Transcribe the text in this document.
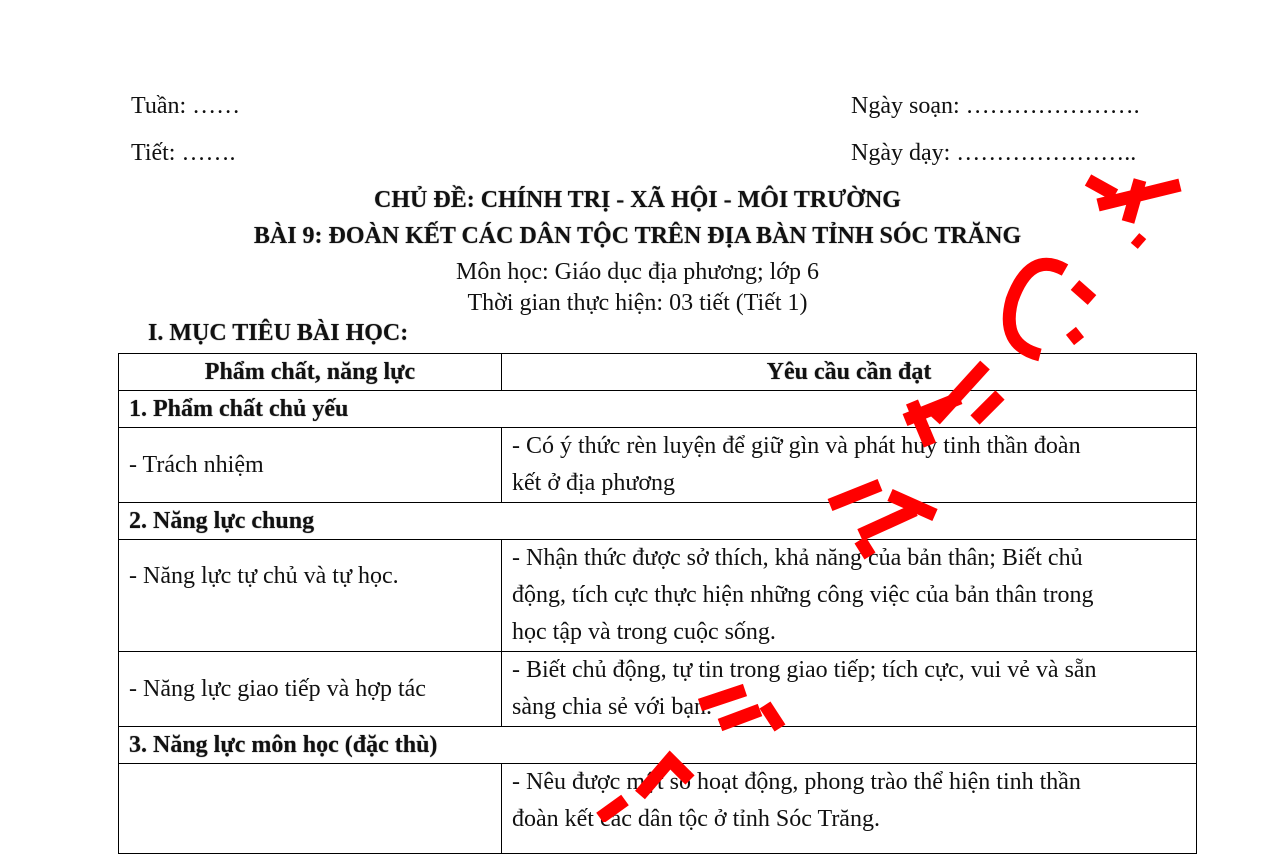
Tuần: ……
Tiết: …….
Ngày soạn: ………………….
Ngày dạy: …………………..
CHỦ ĐỀ: CHÍNH TRỊ - XÃ HỘI - MÔI TRƯỜNG
BÀI 9: ĐOÀN KẾT CÁC DÂN TỘC TRÊN ĐỊA BÀN TỈNH SÓC TRĂNG
Môn học: Giáo dục địa phương; lớp 6
Thời gian thực hiện: 03 tiết (Tiết 1)
I. MỤC TIÊU BÀI HỌC:
Phẩm chất, năng lực	Yêu cầu cần đạt
1. Phẩm chất chủ yếu	
- Trách nhiệm	- Có ý thức rèn luyện để giữ gìn và phát huy tinh thần đoàn
kết ở địa phương

2. Năng lực chung	
- Năng lực tự chủ và tự học.	- Nhận thức được sở thích, khả năng của bản thân; Biết chủ
động, tích cực thực hiện những công việc của bản thân trong
học tập và trong cuộc sống.

- Năng lực giao tiếp và hợp tác	- Biết chủ động, tự tin trong giao tiếp; tích cực, vui vẻ và sẵn
sàng chia sẻ với bạn.

3. Năng lực môn học (đặc thù)	

	- Nêu được một số hoạt động, phong trào thể hiện tinh thần
đoàn kết các dân tộc ở tỉnh Sóc Trăng.
